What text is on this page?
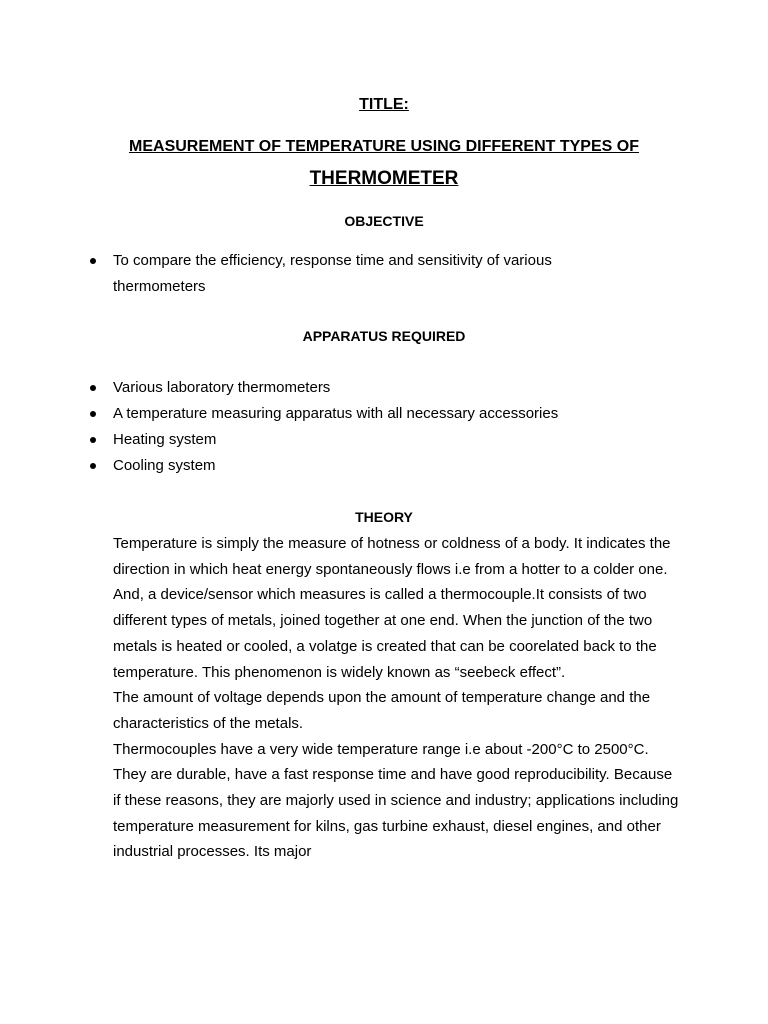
TITLE:
MEASUREMENT OF TEMPERATURE USING DIFFERENT TYPES OF
THERMOMETER
OBJECTIVE
To compare the efficiency, response time and sensitivity of various thermometers
APPARATUS REQUIRED
Various laboratory thermometers
A temperature measuring apparatus with all necessary accessories
Heating system
Cooling system
THEORY

Temperature is simply the measure of hotness or coldness of a body. It indicates the direction in which heat energy spontaneously flows i.e from a hotter to a colder one. And, a device/sensor which measures is called a thermocouple.It consists of two different types of metals, joined together at one end. When the junction of the two metals is heated or cooled, a volatge is created that can be coorelated back to the temperature. This phenomenon is widely known as “seebeck effect”.

The amount of voltage depends upon the amount of temperature change and the characteristics of the metals.

Thermocouples have a very wide temperature range i.e about -200°C to 2500°C. They are durable, have a fast response time and have good reproducibility. Because if these reasons, they are majorly used in science and industry; applications including temperature measurement for kilns, gas turbine exhaust, diesel engines, and other industrial processes. Its major
